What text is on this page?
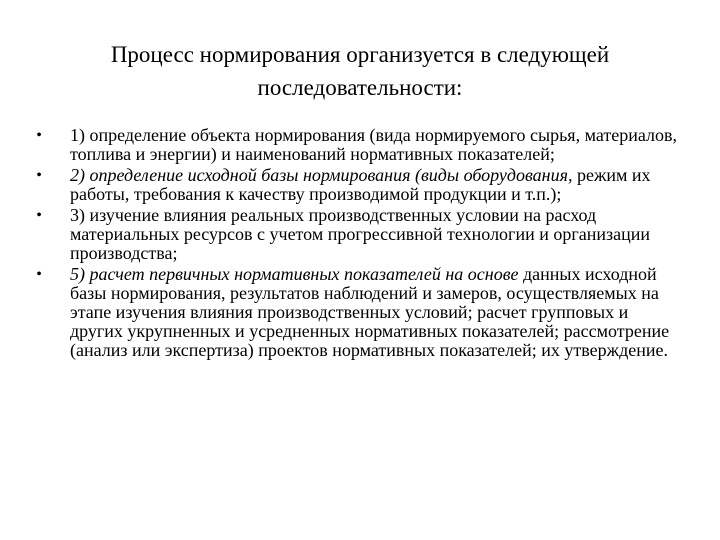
Процесс нормирования организуется в следующей
последовательности:
• 1) определение объекта нормирования (вида нормируемого сырья, материалов, топлива и энергии) и наименований нормативных показателей;
• 2) определение исходной базы нормирования (виды оборудования, режим их работы, требования к качеству производимой продукции и т.п.);
• 3) изучение влияния реальных производственных условии на расход материальных ресурсов с учетом прогрессивной технологии и организации производства;
• 5) расчет первичных нормативных показателей на основе данных исходной базы нормирования, результатов наблюдений и замеров, осуществляемых на этапе изучения влияния производственных условий; расчет групповых и других укрупненных и усредненных нормативных показателей; рассмотрение (анализ или экспертиза) проектов нормативных показателей; их утверждение.
